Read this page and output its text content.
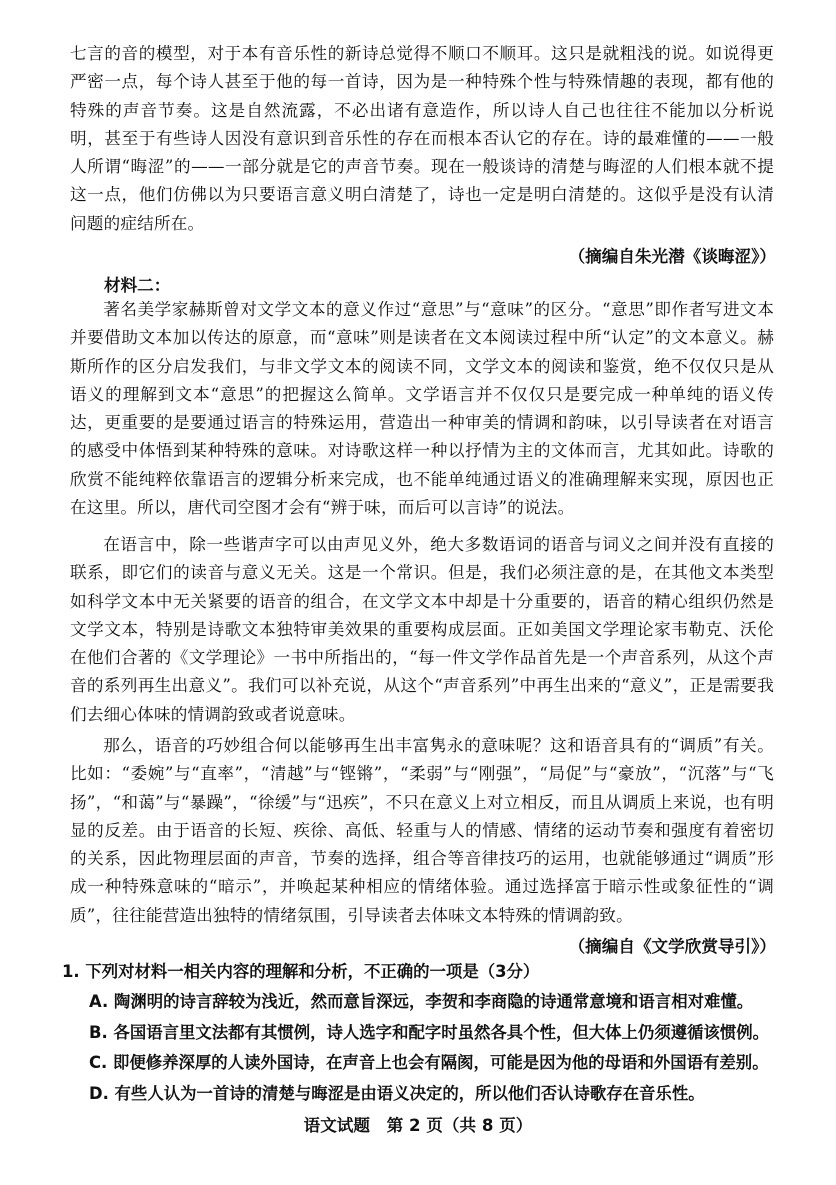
七言的音的模型，对于本有音乐性的新诗总觉得不顺口不顺耳。这只是就粗浅的说。如说得更严密一点，每个诗人甚至于他的每一首诗，因为是一种特殊个性与特殊情趣的表现，都有他的特殊的声音节奏。这是自然流露，不必出诸有意造作，所以诗人自己也往往不能加以分析说明，甚至于有些诗人因没有意识到音乐性的存在而根本否认它的存在。诗的最难懂的——一般人所谓“晦涩”的——一部分就是它的声音节奏。现在一般谈诗的清楚与晦涩的人们根本就不提这一点，他们仿佛以为只要语言意义明白清楚了，诗也一定是明白清楚的。这似乎是没有认清问题的症结所在。

（摘编自朱光潜《谈晦涩》）

材料二：

著名美学家赫斯曾对文学文本的意义作过“意思”与“意味”的区分。“意思”即作者写进文本并要借助文本加以传达的原意，而“意味”则是读者在文本阅读过程中所“认定”的文本意义。赫斯所作的区分启发我们，与非文学文本的阅读不同，文学文本的阅读和鉴赏，绝不仅仅只是从语义的理解到文本“意思”的把握这么简单。文学语言并不仅仅只是要完成一种单纯的语义传达，更重要的是要通过语言的特殊运用，营造出一种审美的情调和韵味，以引导读者在对语言的感受中体悟到某种特殊的意味。对诗歌这样一种以抒情为主的文体而言，尤其如此。诗歌的欣赏不能纯粹依靠语言的逻辑分析来完成，也不能单纯通过语义的准确理解来实现，原因也正在这里。所以，唐代司空图才会有“辨于味，而后可以言诗”的说法。

在语言中，除一些谐声字可以由声见义外，绝大多数语词的语音与词义之间并没有直接的联系，即它们的读音与意义无关。这是一个常识。但是，我们必须注意的是，在其他文本类型如科学文本中无关紧要的语音的组合，在文学文本中却是十分重要的，语音的精心组织仍然是文学文本，特别是诗歌文本独特审美效果的重要构成层面。正如美国文学理论家韦勒克、沃伦在他们合著的《文学理论》一书中所指出的，“每一件文学作品首先是一个声音系列，从这个声音的系列再生出意义”。我们可以补充说，从这个“声音系列”中再生出来的“意义”，正是需要我们去细心体味的情调韵致或者说意味。

那么，语音的巧妙组合何以能够再生出丰富隽永的意味呢？这和语音具有的“调质”有关。比如：“委婉”与“直率”，“清越”与“铿锵”，“柔弱”与“刚强”，“局促”与“豪放”，“沉落”与“飞扬”，“和蔼”与“暴躁”，“徐缓”与“迅疾”，不只在意义上对立相反，而且从调质上来说，也有明显的反差。由于语音的长短、疾徐、高低、轻重与人的情感、情绪的运动节奏和强度有着密切的关系，因此物理层面的声音，节奏的选择，组合等音律技巧的运用，也就能够通过“调质”形成一种特殊意味的“暗示”，并唤起某种相应的情绪体验。通过选择富于暗示性或象征性的“调质”，往往能营造出独特的情绪氛围，引导读者去体味文本特殊的情调韵致。

（摘编自《文学欣赏导引》）

1. 下列对材料一相关内容的理解和分析，不正确的一项是（3分）

A. 陶渊明的诗言辞较为浅近，然而意旨深远，李贺和李商隐的诗通常意境和语言相对难懂。

B. 各国语言里文法都有其惯例，诗人选字和配字时虽然各具个性，但大体上仍须遵循该惯例。

C. 即便修养深厚的人读外国诗，在声音上也会有隔阂，可能是因为他的母语和外国语有差别。

D. 有些人认为一首诗的清楚与晦涩是由语义决定的，所以他们否认诗歌存在音乐性。

语文试题　第 2 页（共 8 页）
